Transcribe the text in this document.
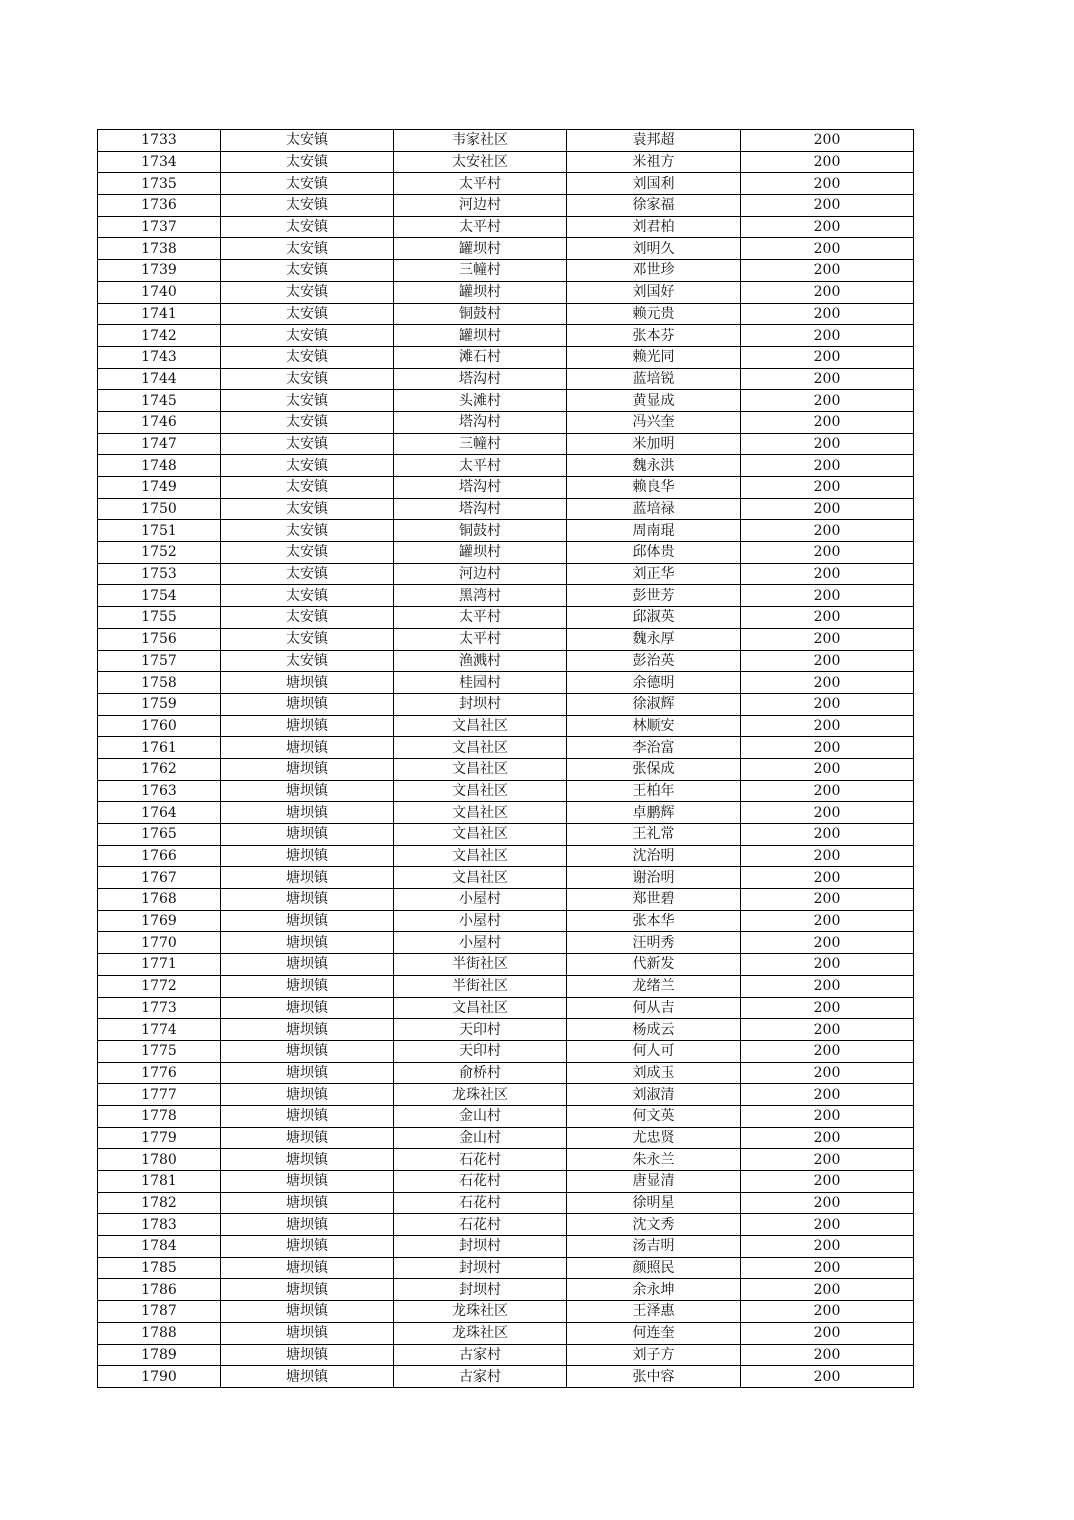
1733	太安镇	韦家社区	袁邦超	200
1734	太安镇	太安社区	米祖方	200
1735	太安镇	太平村	刘国利	200
1736	太安镇	河边村	徐家福	200
1737	太安镇	太平村	刘君柏	200
1738	太安镇	罐坝村	刘明久	200
1739	太安镇	三幢村	邓世珍	200
1740	太安镇	罐坝村	刘国好	200
1741	太安镇	铜鼓村	赖元贵	200
1742	太安镇	罐坝村	张本芬	200
1743	太安镇	滩石村	赖光同	200
1744	太安镇	塔沟村	蓝培锐	200
1745	太安镇	头滩村	黄显成	200
1746	太安镇	塔沟村	冯兴奎	200
1747	太安镇	三幢村	米加明	200
1748	太安镇	太平村	魏永洪	200
1749	太安镇	塔沟村	赖良华	200
1750	太安镇	塔沟村	蓝培禄	200
1751	太安镇	铜鼓村	周南琨	200
1752	太安镇	罐坝村	邱体贵	200
1753	太安镇	河边村	刘正华	200
1754	太安镇	黑湾村	彭世芳	200
1755	太安镇	太平村	邱淑英	200
1756	太安镇	太平村	魏永厚	200
1757	太安镇	渔溅村	彭治英	200
1758	塘坝镇	桂园村	余德明	200
1759	塘坝镇	封坝村	徐淑辉	200
1760	塘坝镇	文昌社区	林顺安	200
1761	塘坝镇	文昌社区	李治富	200
1762	塘坝镇	文昌社区	张保成	200
1763	塘坝镇	文昌社区	王柏年	200
1764	塘坝镇	文昌社区	卓鹏辉	200
1765	塘坝镇	文昌社区	王礼常	200
1766	塘坝镇	文昌社区	沈治明	200
1767	塘坝镇	文昌社区	谢治明	200
1768	塘坝镇	小屋村	郑世碧	200
1769	塘坝镇	小屋村	张本华	200
1770	塘坝镇	小屋村	汪明秀	200
1771	塘坝镇	半街社区	代新发	200
1772	塘坝镇	半街社区	龙绪兰	200
1773	塘坝镇	文昌社区	何从吉	200
1774	塘坝镇	天印村	杨成云	200
1775	塘坝镇	天印村	何人可	200
1776	塘坝镇	俞桥村	刘成玉	200
1777	塘坝镇	龙珠社区	刘淑清	200
1778	塘坝镇	金山村	何文英	200
1779	塘坝镇	金山村	尤忠贤	200
1780	塘坝镇	石花村	朱永兰	200
1781	塘坝镇	石花村	唐显清	200
1782	塘坝镇	石花村	徐明星	200
1783	塘坝镇	石花村	沈文秀	200
1784	塘坝镇	封坝村	汤吉明	200
1785	塘坝镇	封坝村	颜照民	200
1786	塘坝镇	封坝村	余永坤	200
1787	塘坝镇	龙珠社区	王泽惠	200
1788	塘坝镇	龙珠社区	何连奎	200
1789	塘坝镇	古家村	刘子方	200
1790	塘坝镇	古家村	张中容	200
